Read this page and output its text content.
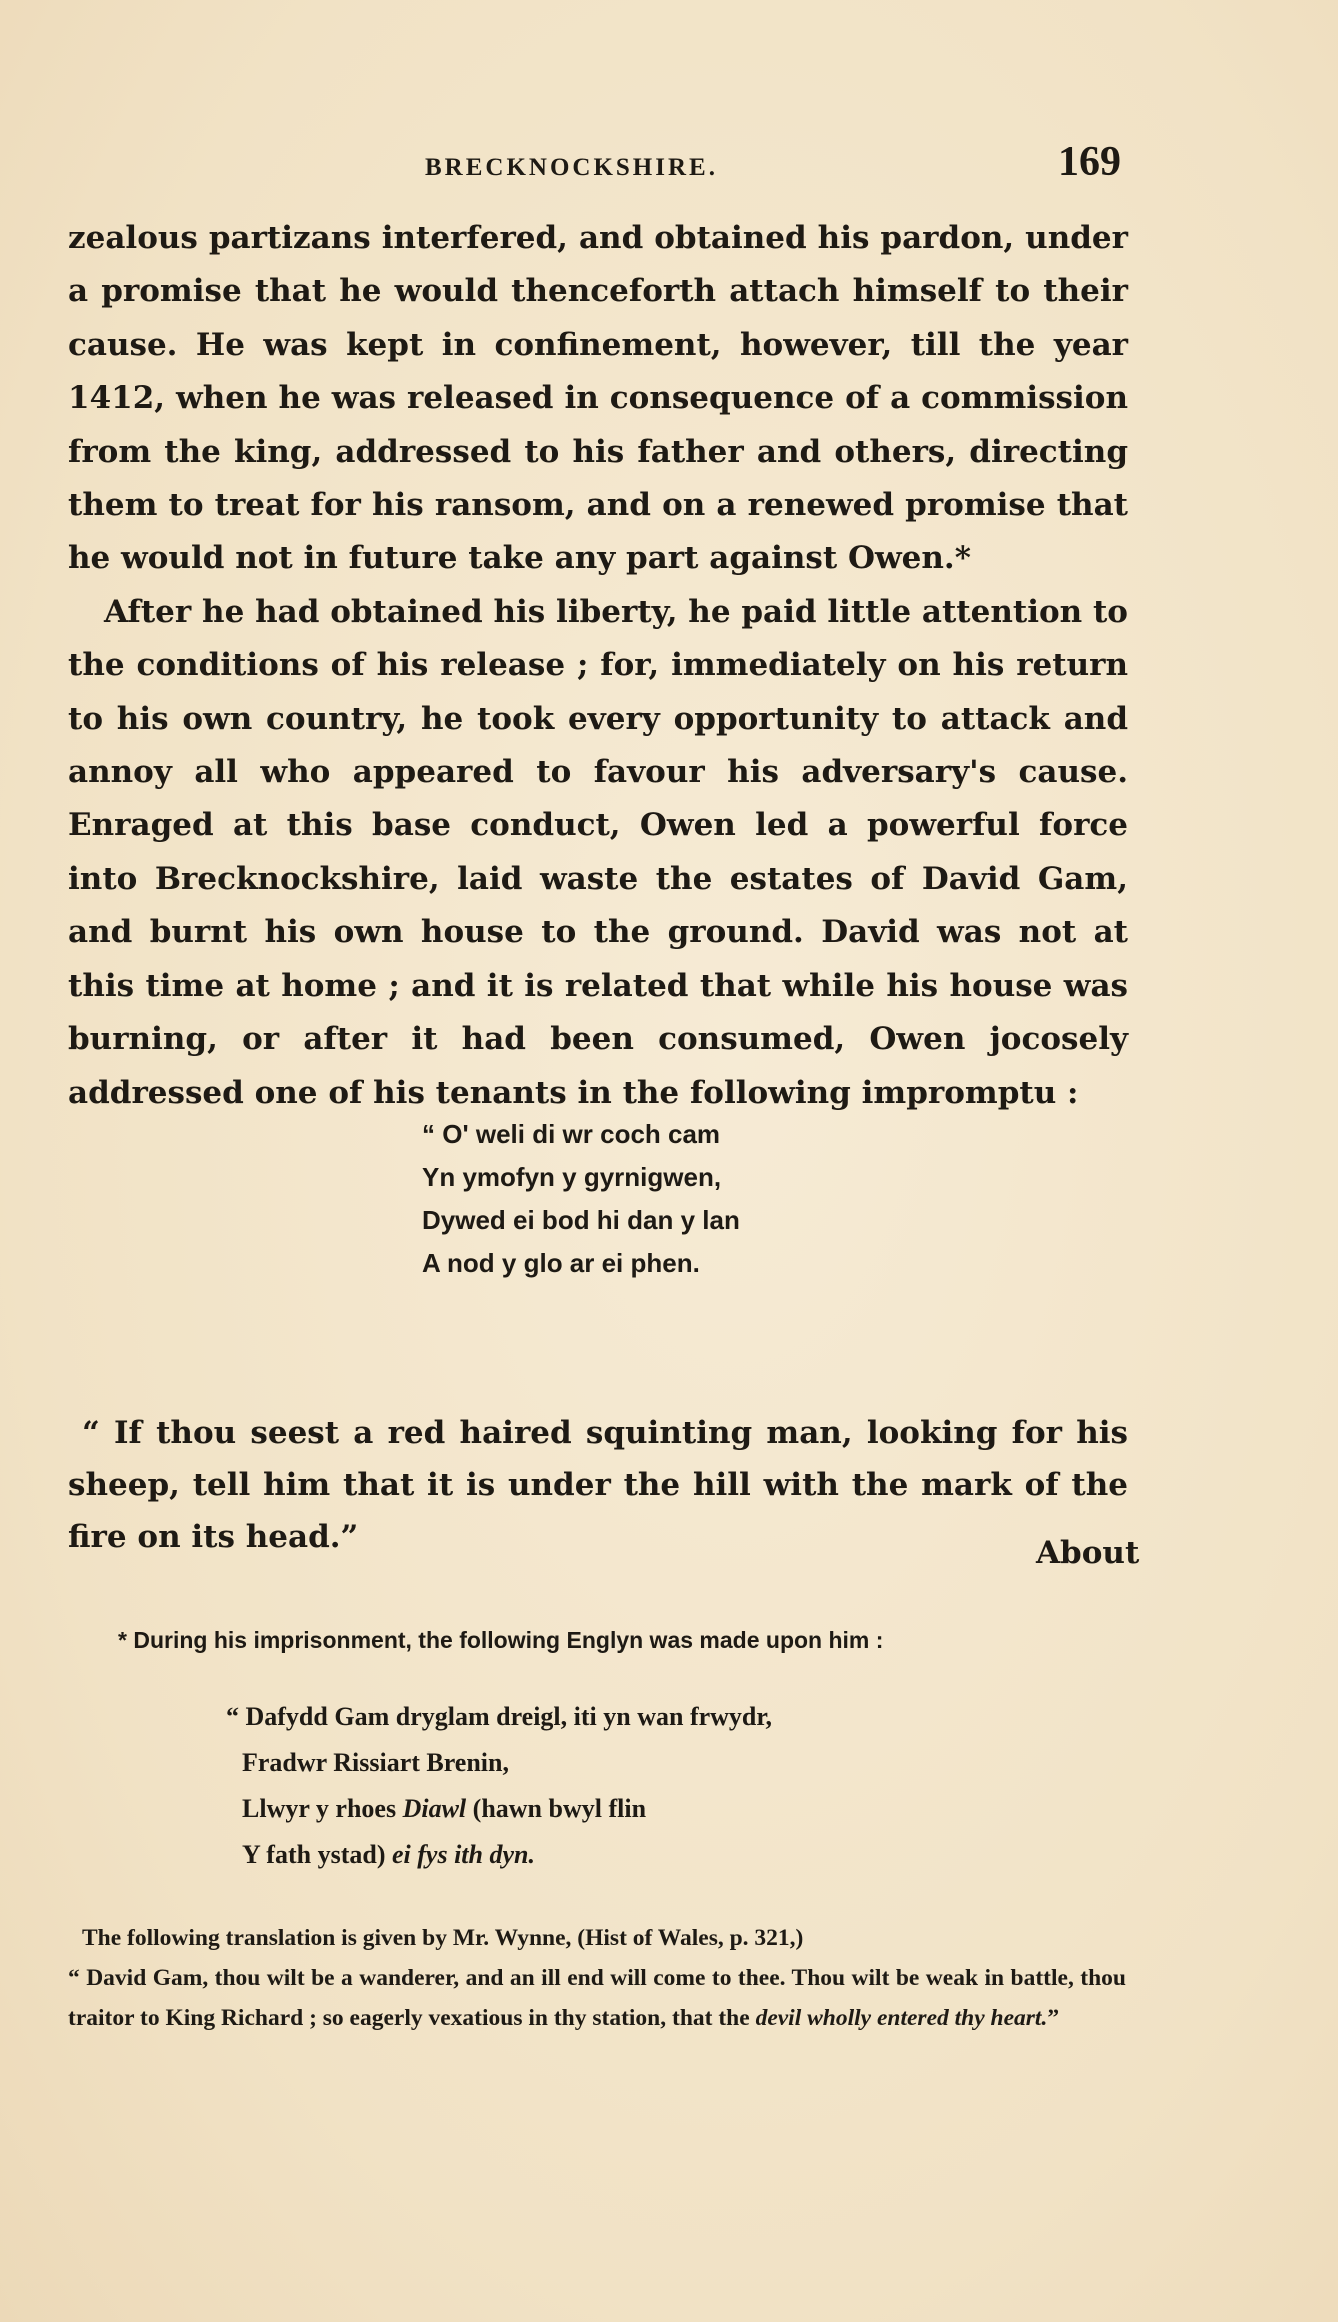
BRECKNOCKSHIRE.	169

zealous partizans interfered, and obtained his pardon, under a promise that he would thenceforth attach himself to their cause. He was kept in confinement, however, till the year 1412, when he was released in consequence of a commission from the king, addressed to his father and others, directing them to treat for his ransom, and on a renewed promise that he would not in future take any part against Owen.*

After he had obtained his liberty, he paid little attention to the conditions of his release ; for, immediately on his return to his own country, he took every opportunity to attack and annoy all who appeared to favour his adversary's cause. Enraged at this base conduct, Owen led a powerful force into Brecknockshire, laid waste the estates of David Gam, and burnt his own house to the ground. David was not at this time at home ; and it is related that while his house was burning, or after it had been consumed, Owen jocosely addressed one of his tenants in the following impromptu :

“ O' weli di wr coch cam
Yn ymofyn y gyrnigwen,
Dywed ei bod hi dan y lan
A nod y glo ar ei phen.

“ If thou seest a red haired squinting man, looking for his sheep, tell him that it is under the hill with the mark of the fire on its head.”	About
* During his imprisonment, the following Englyn was made upon him :
“ Dafydd Gam dryglam dreigl, iti yn wan frwydr,
Fradwr Rissiart Brenin,
Llwyr y rhoes Diawl (hawn bwyl flin
Y fath ystad) ei fys ith dyn.
The following translation is given by Mr. Wynne, (Hist of Wales, p. 321,)
“ David Gam, thou wilt be a wanderer, and an ill end will come to thee. Thou wilt be weak in battle, thou traitor to King Richard ; so eagerly vexatious in thy station, that the devil wholly entered thy heart.”
